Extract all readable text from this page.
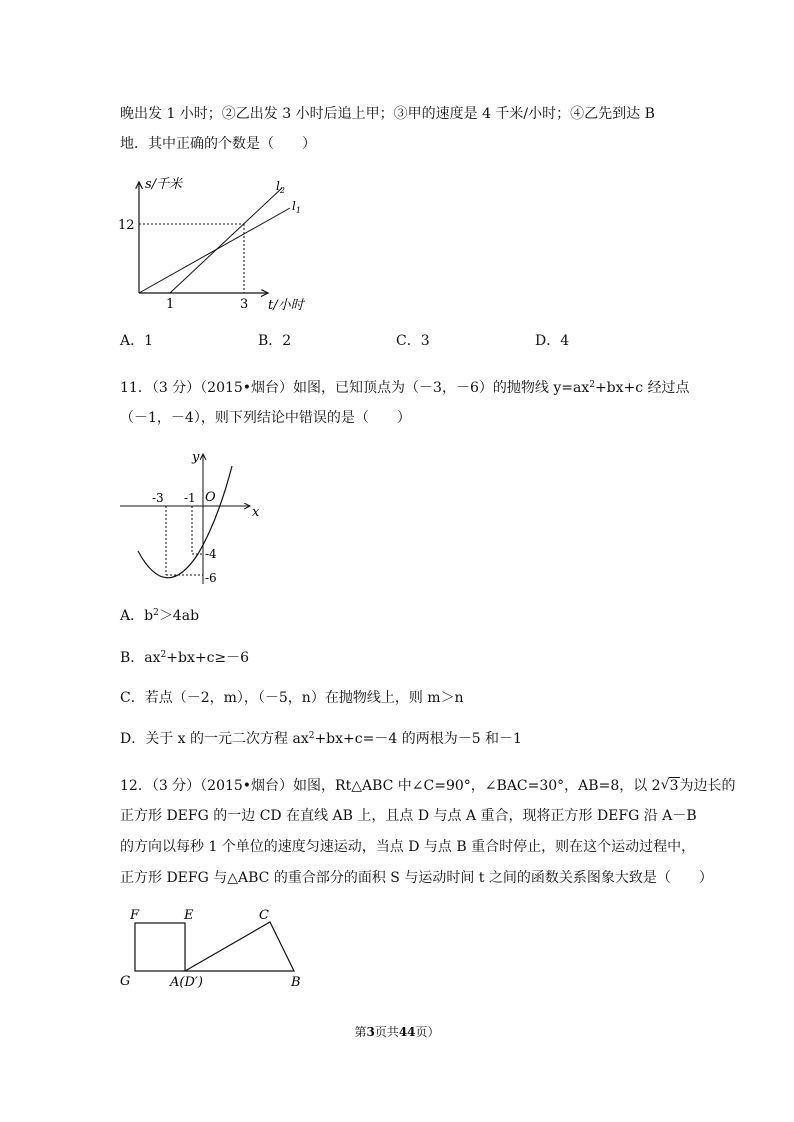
晚出发 1 小时；②乙出发 3 小时后追上甲；③甲的速度是 4 千米/小时；④乙先到达 B
地．其中正确的个数是（　　）
s/千米
t/小时
12
1	3
$l_2$
$l_1$
A．1	B．2	C．3	D．4
11．（3 分）（2015•烟台）如图，已知顶点为（－3，－6）的抛物线 $y=ax^2+bx+c$ 经过点
（－1，－4），则下列结论中错误的是（　　）
y
x
O
-3 -1
-4
-6
A．$b^2>4ab$
B．$ax^2+bx+c\ge-6$
C．若点（－2，m），（－5，n）在抛物线上，则 m＞n
D．关于 x 的一元二次方程 $ax^2+bx+c=-4$ 的两根为－5 和－1
12．（3 分）（2015•烟台）如图，Rt△ABC 中∠C=90°，∠BAC=30°，AB=8，以 2 √ 3为边长的
正方形 DEFG 的一边 CD 在直线 AB 上，且点 D 与点 A 重合，现将正方形 DEFG 沿 A－B
的方向以每秒 1 个单位的速度匀速运动，当点 D 与点 B 重合时停止，则在这个运动过程中，
正方形 DEFG 与△ABC 的重合部分的面积 S 与运动时间 t 之间的函数关系图象大致是（　　）
F	E	C
G	A(D′)	B
第3页共44页）
